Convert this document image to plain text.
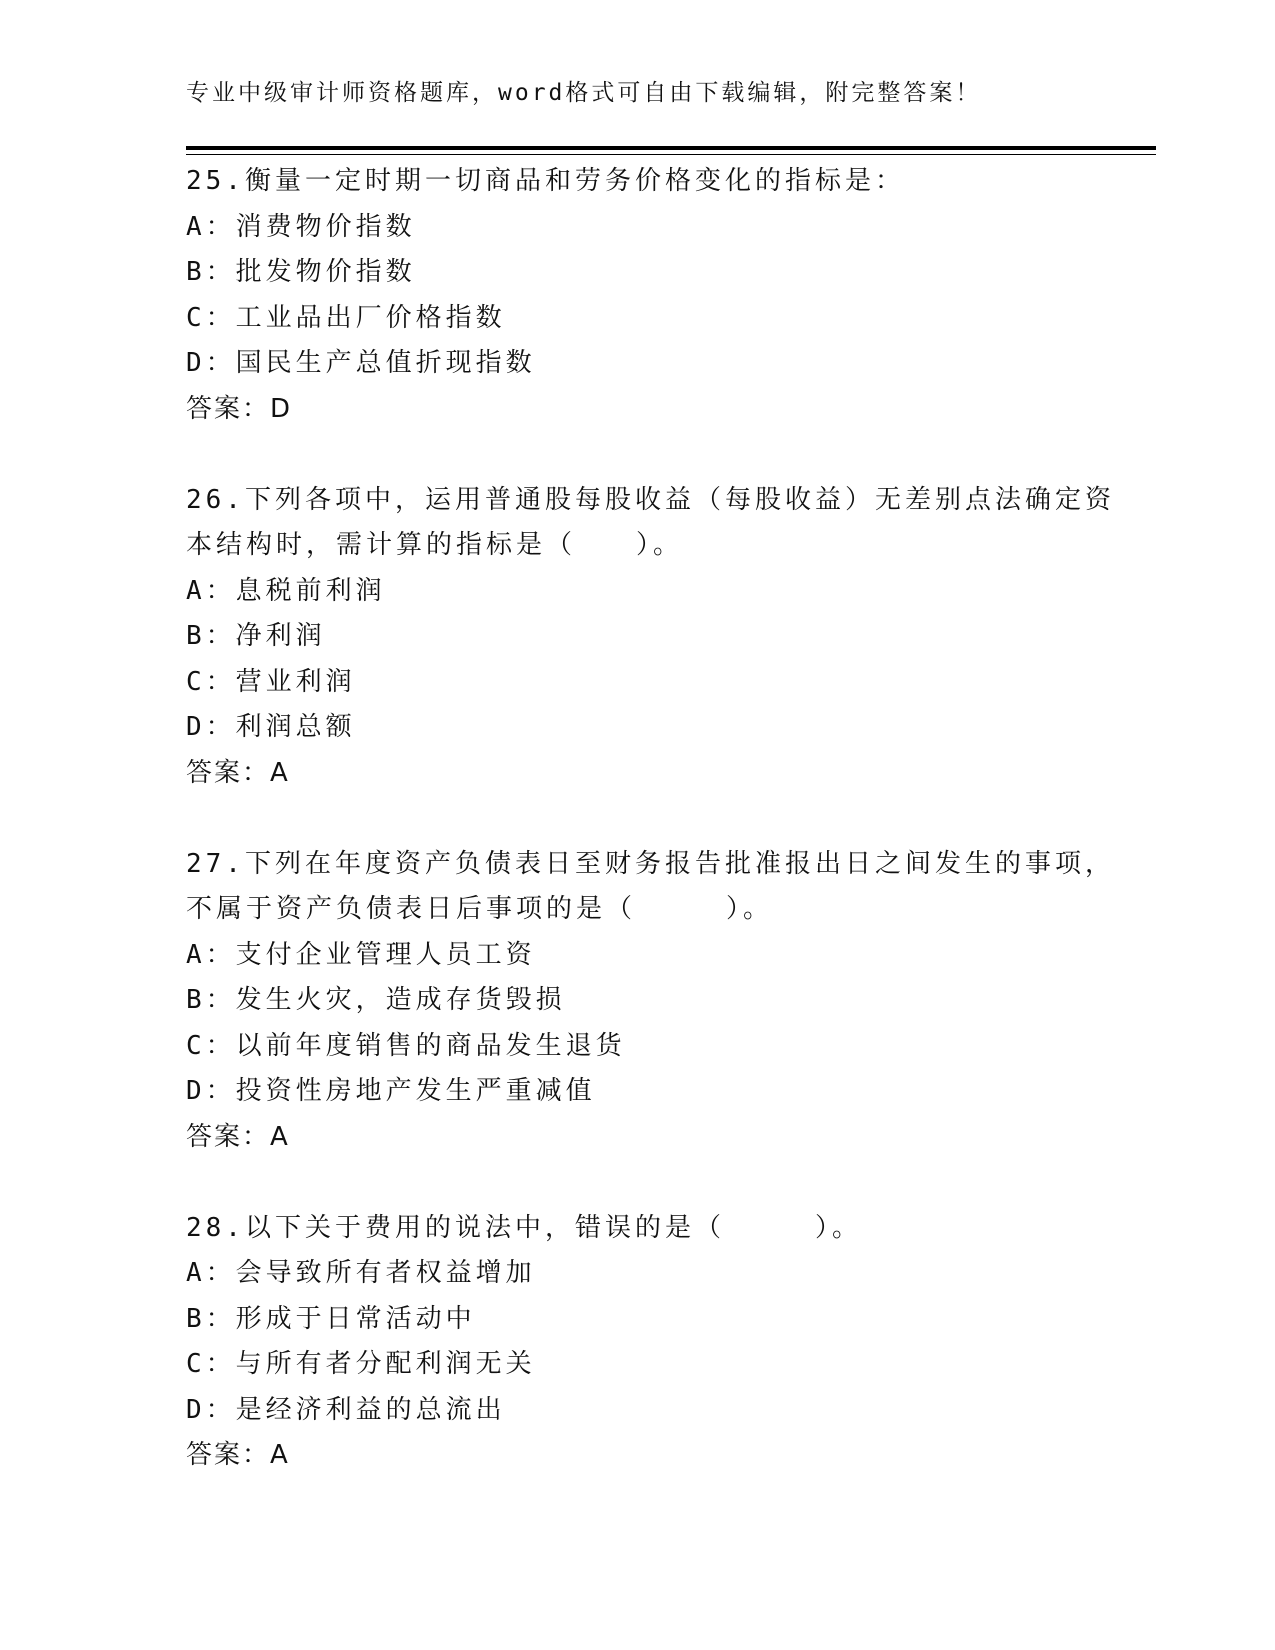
专业中级审计师资格题库，word格式可自由下载编辑，附完整答案！
25.衡量一定时期一切商品和劳务价格变化的指标是：
A：消费物价指数
B：批发物价指数
C：工业品出厂价格指数
D：国民生产总值折现指数
答案：D
26.下列各项中，运用普通股每股收益（每股收益）无差别点法确定资
本结构时，需计算的指标是（　　）。
A：息税前利润
B：净利润
C：营业利润
D：利润总额
答案：A
27.下列在年度资产负债表日至财务报告批准报出日之间发生的事项，
不属于资产负债表日后事项的是（　　　）。
A：支付企业管理人员工资
B：发生火灾，造成存货毁损
C：以前年度销售的商品发生退货
D：投资性房地产发生严重减值
答案：A
28.以下关于费用的说法中，错误的是（　　　）。
A：会导致所有者权益增加
B：形成于日常活动中
C：与所有者分配利润无关
D：是经济利益的总流出
答案：A
